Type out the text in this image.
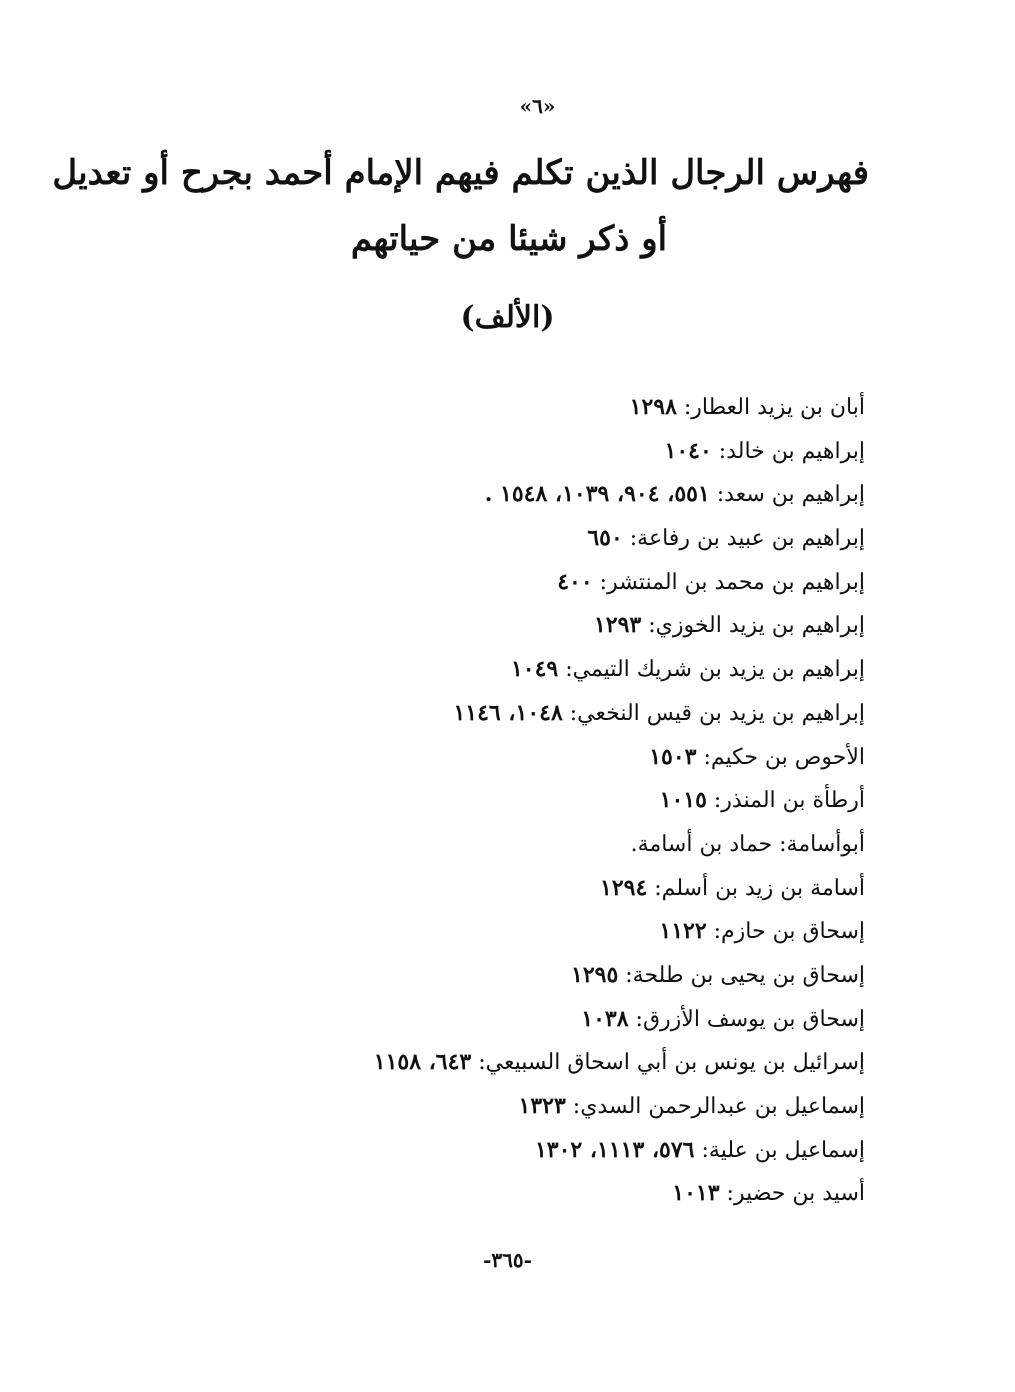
«٦»
فهرس الرجال الذين تكلم فيهم الإمام أحمد بجرح أو تعديل
أو ذكر شيئا من حياتهم
(الألف)
أبان بن يزيد العطار: ١٢٩٨
إبراهيم بن خالد: ١٠٤٠
إبراهيم بن سعد: ٥٥١، ٩٠٤، ١٠٣٩، ١٥٤٨ .
إبراهيم بن عبيد بن رفاعة: ٦٥٠
إبراهيم بن محمد بن المنتشر: ٤٠٠
إبراهيم بن يزيد الخوزي: ١٢٩٣
إبراهيم بن يزيد بن شريك التيمي: ١٠٤٩
إبراهيم بن يزيد بن قيس النخعي: ١٠٤٨، ١١٤٦
الأحوص بن حكيم: ١٥٠٣
أرطأة بن المنذر: ١٠١٥
أبوأسامة: حماد بن أسامة.
أسامة بن زيد بن أسلم: ١٢٩٤
إسحاق بن حازم: ١١٢٢
إسحاق بن يحيى بن طلحة: ١٢٩٥
إسحاق بن يوسف الأزرق: ١٠٣٨
إسرائيل بن يونس بن أبي اسحاق السبيعي: ٦٤٣، ١١٥٨
إسماعيل بن عبدالرحمن السدي: ١٣٢٣
إسماعيل بن علية: ٥٧٦، ١١١٣، ١٣٠٢
أسيد بن حضير: ١٠١٣
-٣٦٥-
